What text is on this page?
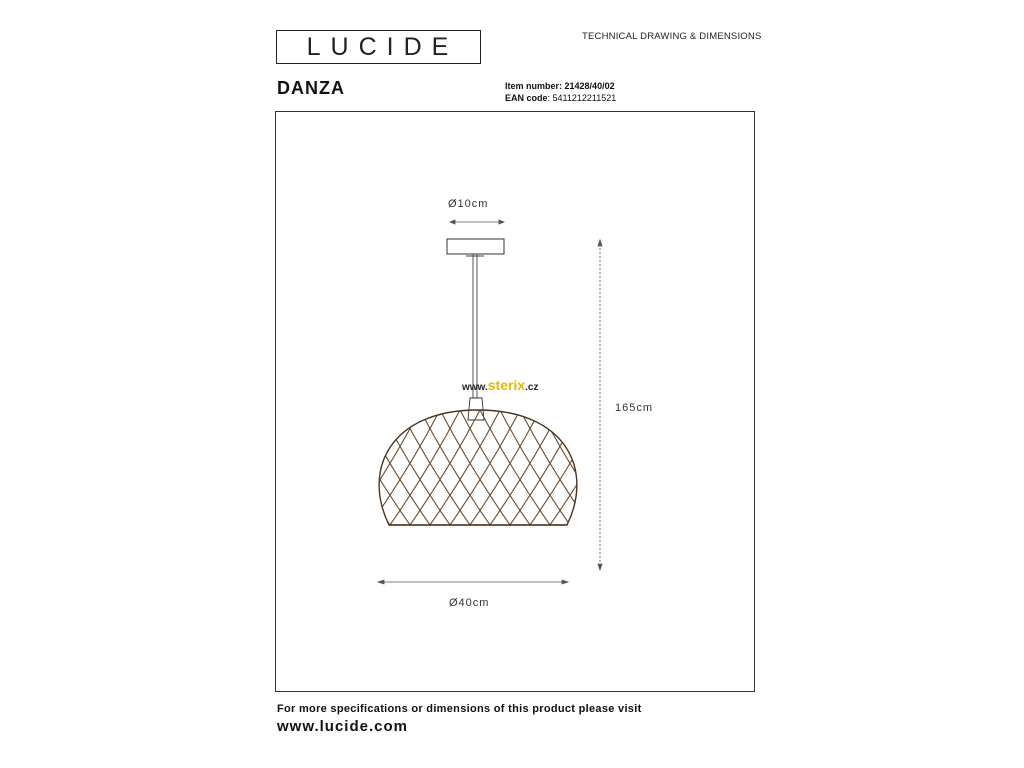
LUCIDE	TECHNICAL DRAWING & DIMENSIONS
DANZA	Item number: 21428/40/02
EAN code: 5411212211521
Ø10cm
165cm
Ø40cm
www.sterix.cz
For more specifications or dimensions of this product please visit
www.lucide.com
